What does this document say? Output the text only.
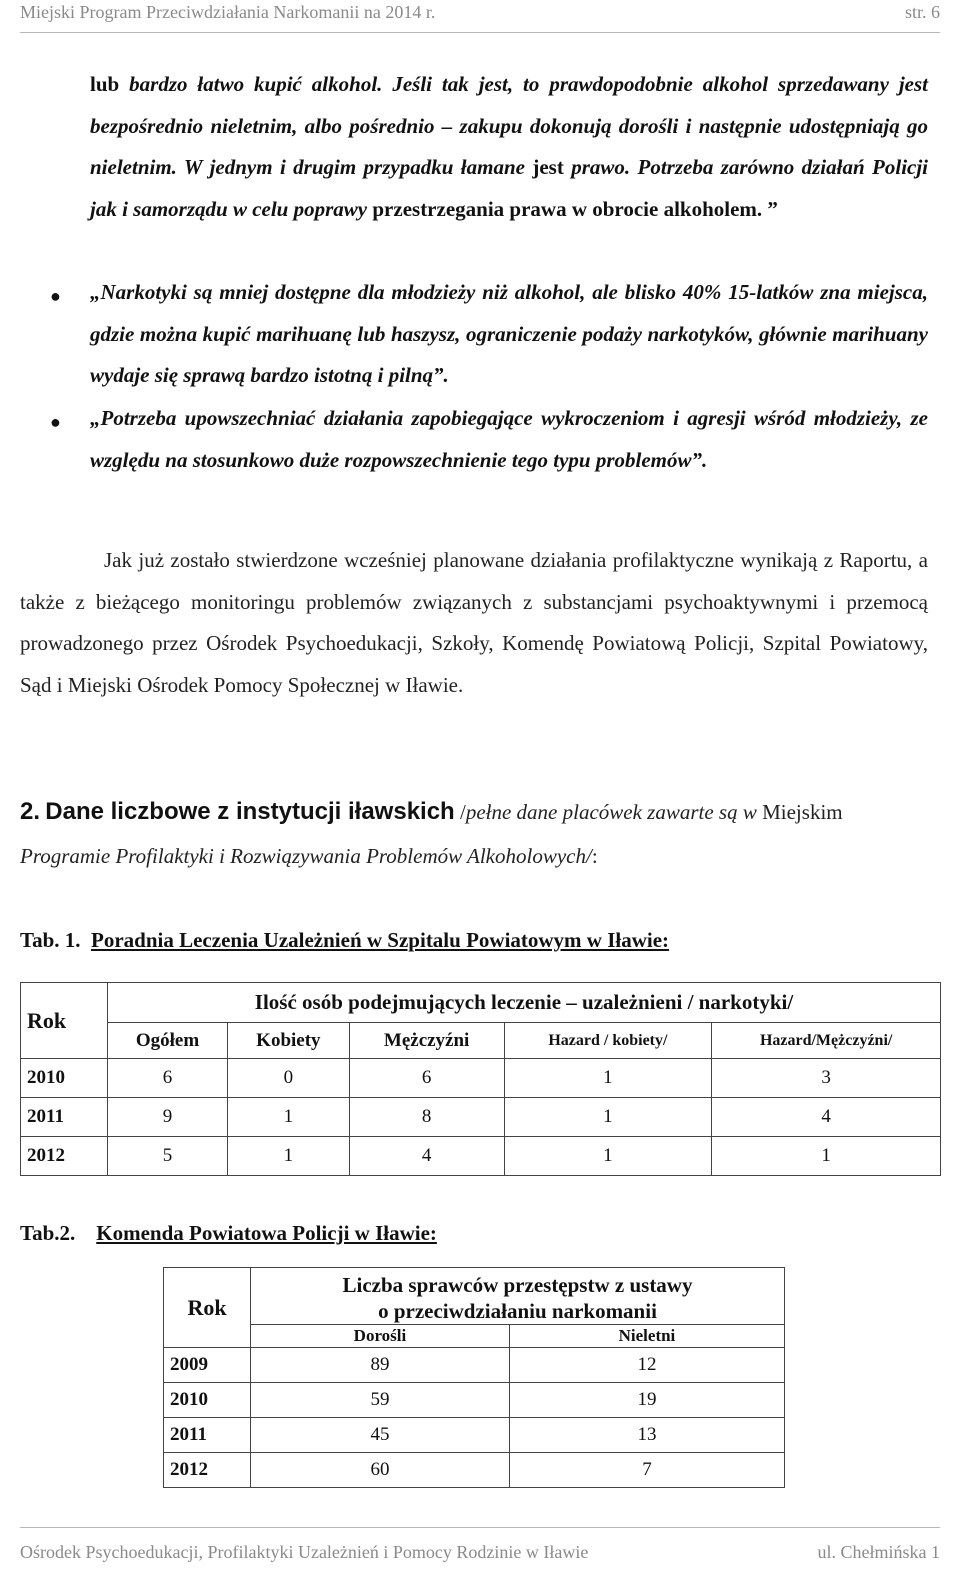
Miejski Program Przeciwdziałania Narkomanii na 2014 r.	str. 6
lub bardzo łatwo kupić alkohol. Jeśli tak jest, to prawdopodobnie alkohol sprzedawany jest bezpośrednio nieletnim, albo pośrednio – zakupu dokonują dorośli i następnie udostępniają go nieletnim. W jednym i drugim przypadku łamane jest prawo. Potrzeba zarówno działań Policji jak i samorządu w celu poprawy przestrzegania prawa w obrocie alkoholem. ”
● „Narkotyki są mniej dostępne dla młodzieży niż alkohol, ale blisko 40% 15-latków zna miejsca, gdzie można kupić marihuanę lub haszysz, ograniczenie podaży narkotyków, głównie marihuany wydaje się sprawą bardzo istotną i pilną”.
● „Potrzeba upowszechniać działania zapobiegające wykroczeniom i agresji wśród młodzieży, ze względu na stosunkowo duże rozpowszechnienie tego typu problemów”.
Jak już zostało stwierdzone wcześniej planowane działania profilaktyczne wynikają z Raportu, a także z bieżącego monitoringu problemów związanych z substancjami psychoaktywnymi i przemocą prowadzonego przez Ośrodek Psychoedukacji, Szkoły, Komendę Powiatową Policji, Szpital Powiatowy, Sąd i Miejski Ośrodek Pomocy Społecznej w Iławie.
2. Dane liczbowe z instytucji iławskich /pełne dane placówek zawarte są w Miejskim Programie Profilaktyki i Rozwiązywania Problemów Alkoholowych/:
Tab. 1. Poradnia Leczenia Uzależnień w Szpitalu Powiatowym w Iławie:
Rok	Ilość osób podejmujących leczenie – uzależnieni / narkotyki/				
	Ogółem	Kobiety	Mężczyźni	Hazard / kobiety/	Hazard/Mężczyźni/
2010	6	0	6	1	3
2011	9	1	8	1	4
2012	5	1	4	1	1
Tab.2. Komenda Powiatowa Policji w Iławie:
Rok	Liczba sprawców przestępstw z ustawy
o przeciwdziałaniu narkomanii	

	Dorośli	Nieletni
2009	89	12
2010	59	19
2011	45	13
2012	60	7
Ośrodek Psychoedukacji, Profilaktyki Uzależnień i Pomocy Rodzinie w Iławie	ul. Chełmińska 1
